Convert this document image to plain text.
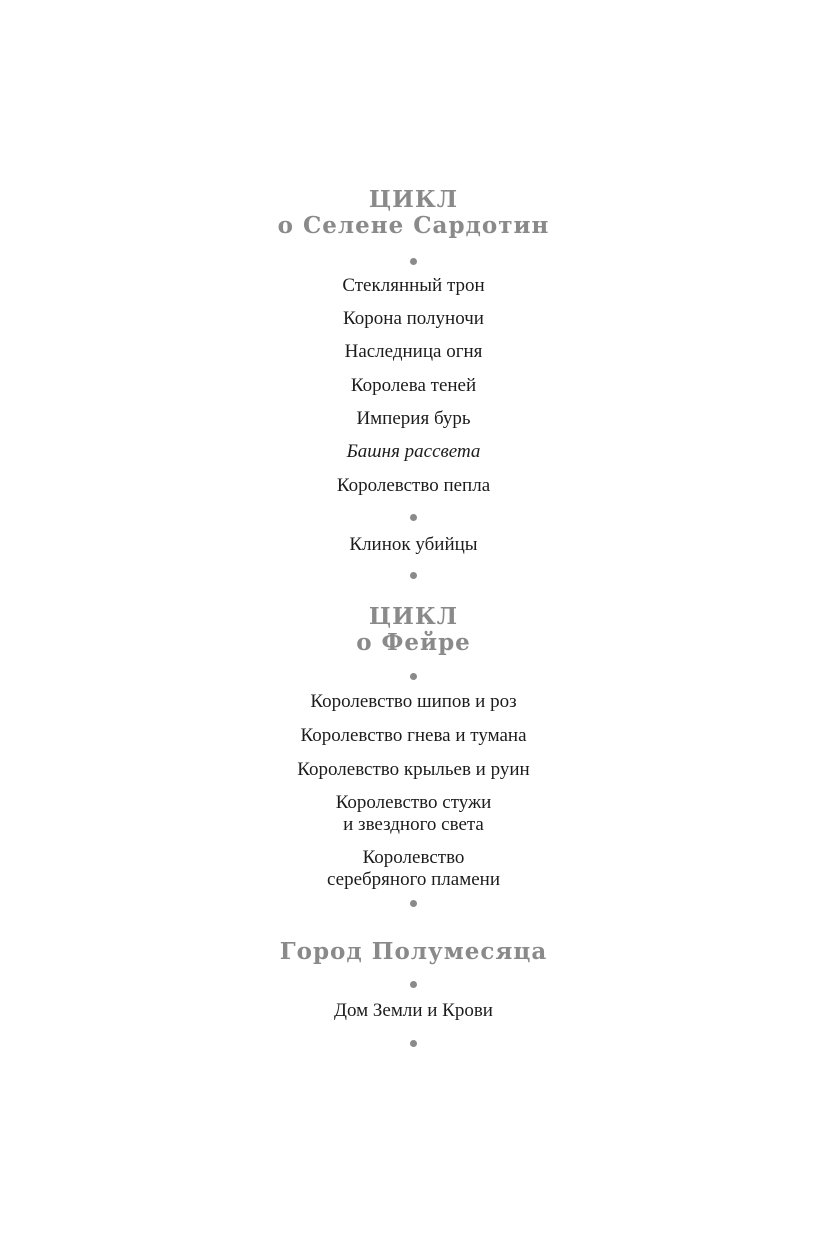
ЦИКЛ
о Селене Сардотин
Стеклянный трон
Корона полуночи
Наследница огня
Королева теней
Империя бурь
Башня рассвета
Королевство пепла
Клинок убийцы
ЦИКЛ
о Фейре
Королевство шипов и роз
Королевство гнева и тумана
Королевство крыльев и руин
Королевство стужи
и звездного света
Королевство
серебряного пламени
Город Полумесяца
Дом Земли и Крови
